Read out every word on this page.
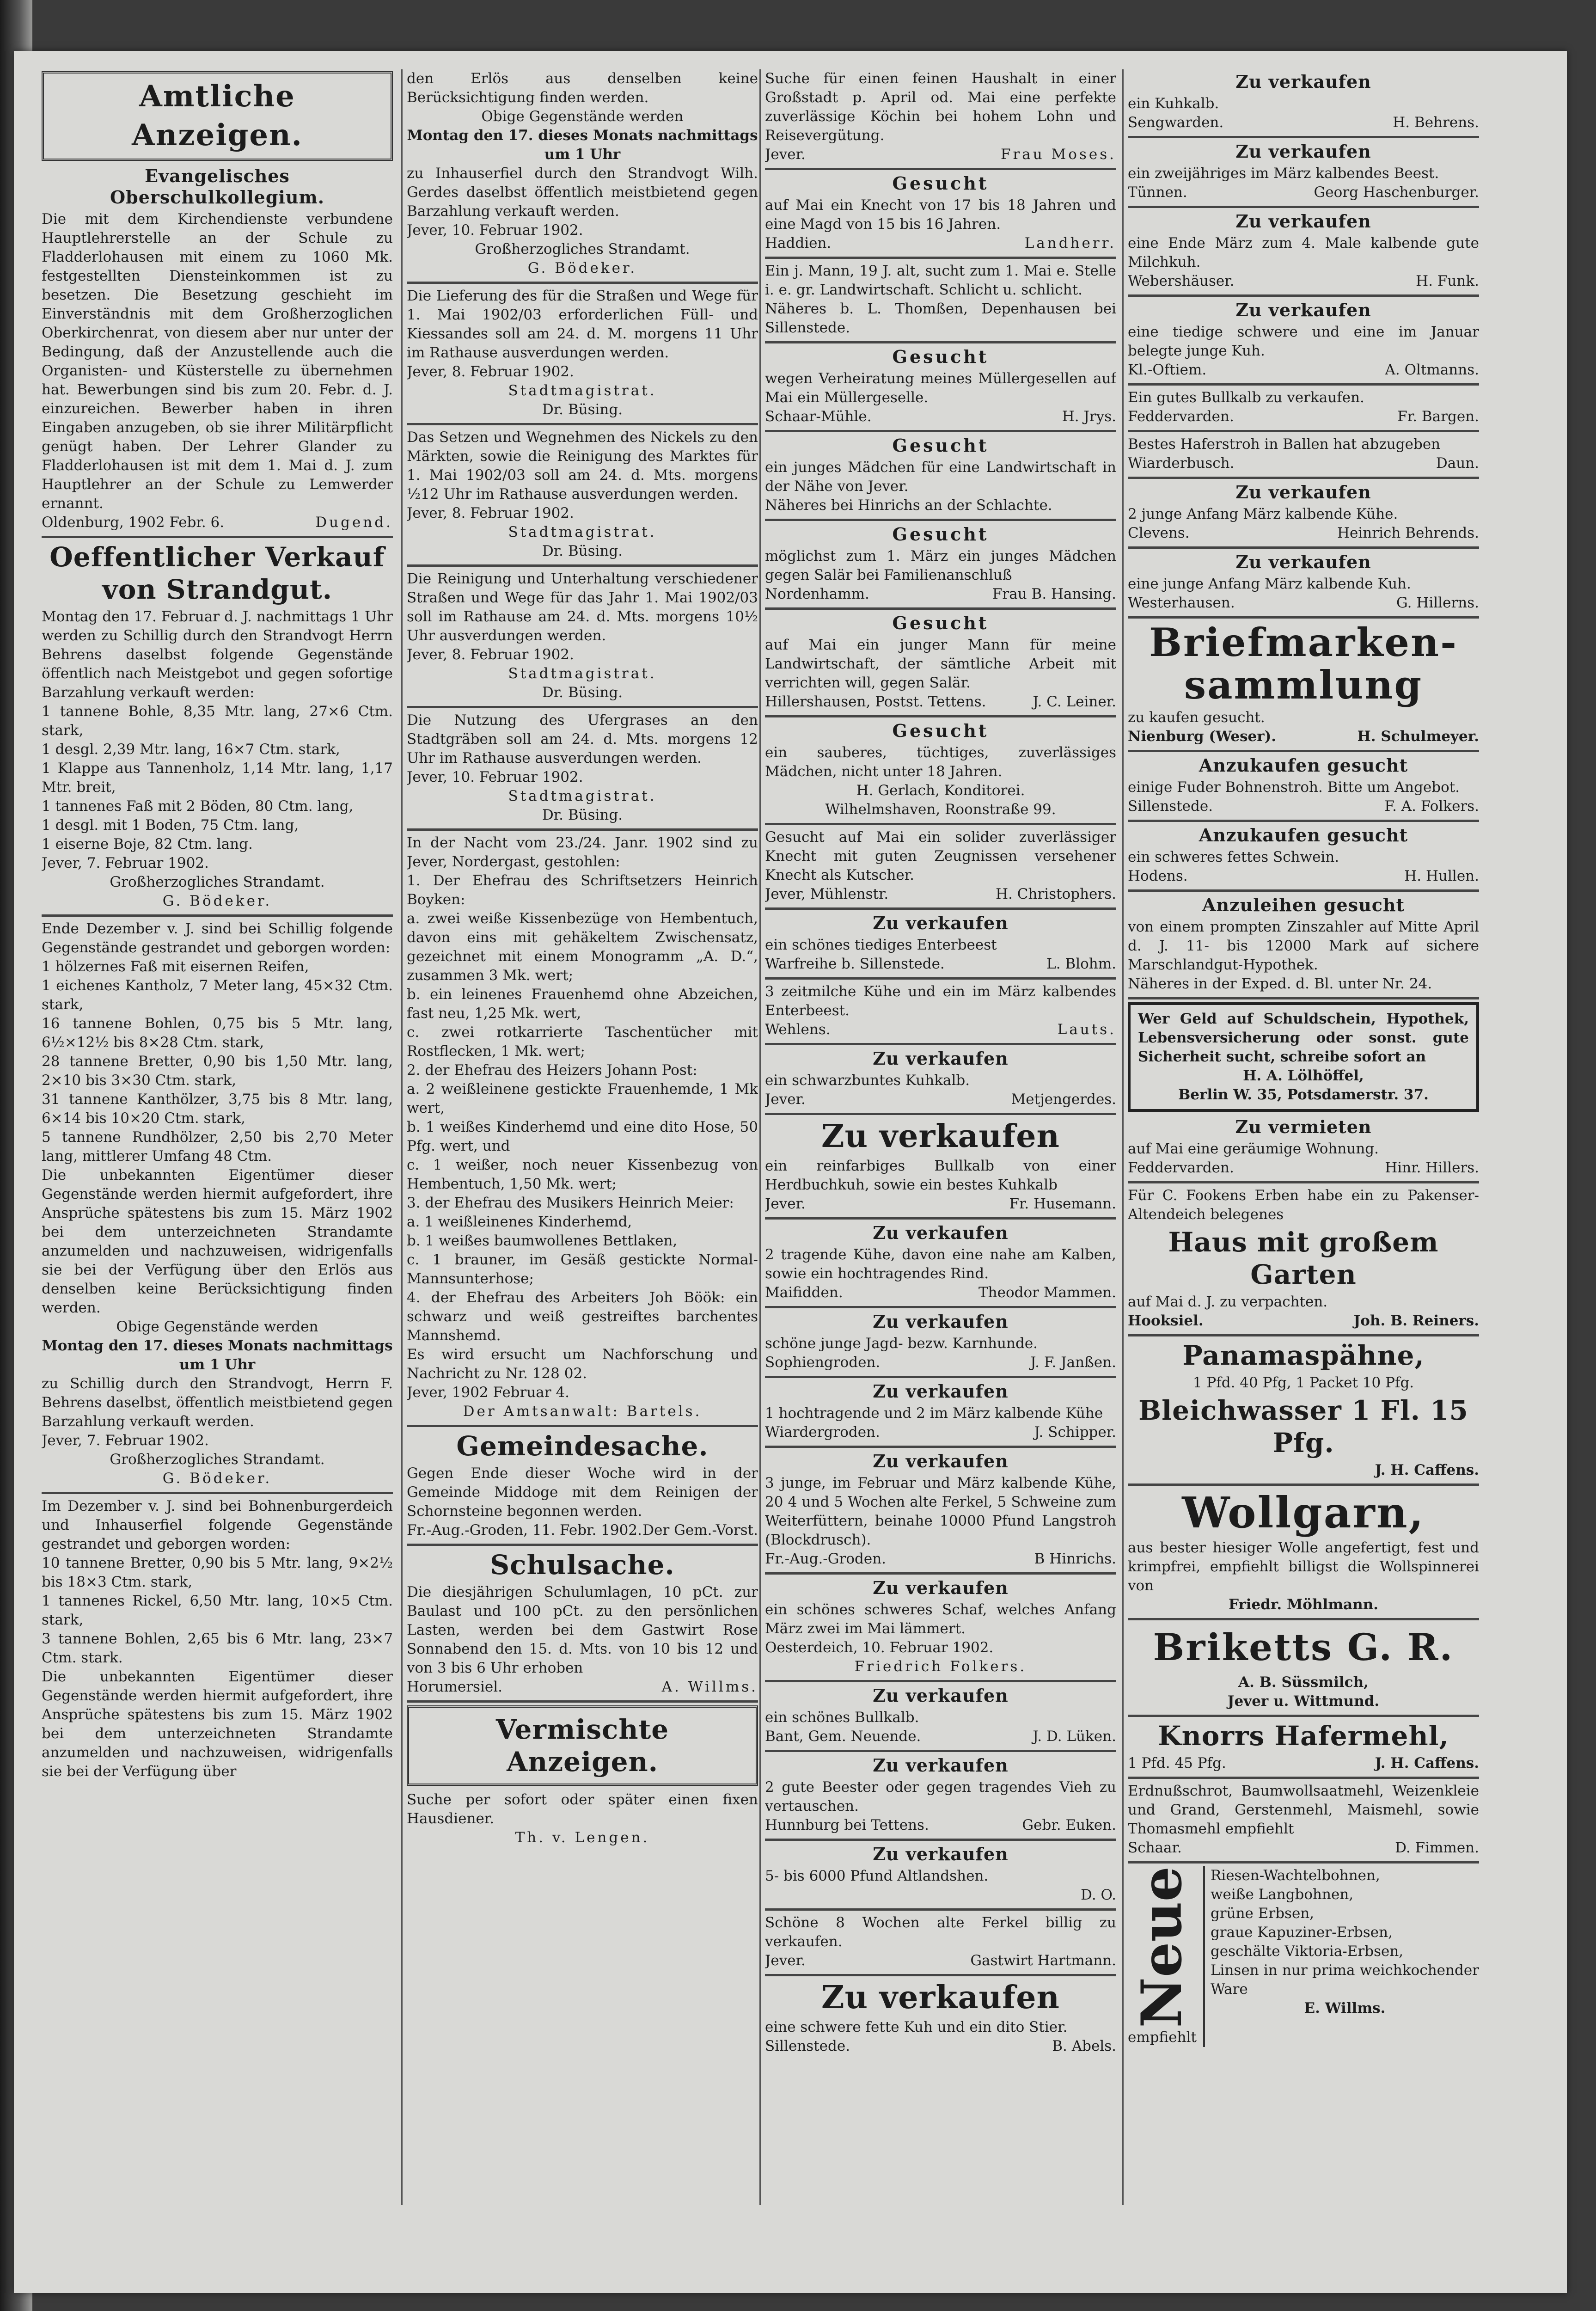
Amtliche Anzeigen.
Evangelisches Oberschulkollegium.
Die mit dem Kirchendienste verbundene Hauptlehrerstelle an der Schule zu Fladderlohausen mit einem zu 1060 Mk. festgestellten Diensteinkommen ist zu besetzen. Die Besetzung geschieht im Einverständnis mit dem Großherzoglichen Oberkirchenrat, von diesem aber nur unter der Bedingung, daß der Anzustellende auch die Organisten- und Küsterstelle zu übernehmen hat. Bewerbungen sind bis zum 20. Febr. d. J. einzureichen. Bewerber haben in ihren Eingaben anzugeben, ob sie ihrer Militärpflicht genügt haben. Der Lehrer Glander zu Fladderlohausen ist mit dem 1. Mai d. J. zum Hauptlehrer an der Schule zu Lemwerder ernannt.
Oldenburg, 1902 Febr. 6.	Dugend.
Oeffentlicher Verkauf von Strandgut.
Montag den 17. Februar d. J. nachmittags 1 Uhr werden zu Schillig durch den Strandvogt Herrn Behrens daselbst folgende Gegenstände öffentlich nach Meistgebot und gegen sofortige Barzahlung verkauft werden:
1 tannene Bohle, 8,35 Mtr. lang, 27×6 Ctm. stark,
1 desgl. 2,39 Mtr. lang, 16×7 Ctm. stark,
1 Klappe aus Tannenholz, 1,14 Mtr. lang, 1,17 Mtr. breit,
1 tannenes Faß mit 2 Böden, 80 Ctm. lang,
1 desgl. mit 1 Boden, 75 Ctm. lang,
1 eiserne Boje, 82 Ctm. lang.
Jever, 7. Februar 1902.
Großherzogliches Strandamt.
G. Bödeker.
Ende Dezember v. J. sind bei Schillig folgende Gegenstände gestrandet und geborgen worden:
1 hölzernes Faß mit eisernen Reifen,
1 eichenes Kantholz, 7 Meter lang, 45×32 Ctm. stark,
16 tannene Bohlen, 0,75 bis 5 Mtr. lang, 6½×12½ bis 8×28 Ctm. stark,
28 tannene Bretter, 0,90 bis 1,50 Mtr. lang, 2×10 bis 3×30 Ctm. stark,
31 tannene Kanthölzer, 3,75 bis 8 Mtr. lang, 6×14 bis 10×20 Ctm. stark,
5 tannene Rundhölzer, 2,50 bis 2,70 Meter lang, mittlerer Umfang 48 Ctm.
Die unbekannten Eigentümer dieser Gegenstände werden hiermit aufgefordert, ihre Ansprüche spätestens bis zum 15. März 1902 bei dem unterzeichneten Strandamte anzumelden und nachzuweisen, widrigenfalls sie bei der Verfügung über den Erlös aus denselben keine Berücksichtigung finden werden.
Obige Gegenstände werden
Montag den 17. dieses Monats nachmittags um 1 Uhr
zu Schillig durch den Strandvogt, Herrn F. Behrens daselbst, öffentlich meistbietend gegen Barzahlung verkauft werden.
Jever, 7. Februar 1902.
Großherzogliches Strandamt.
G. Bödeker.
Im Dezember v. J. sind bei Bohnenburgerdeich und Inhauserfiel folgende Gegenstände gestrandet und geborgen worden:
10 tannene Bretter, 0,90 bis 5 Mtr. lang, 9×2½ bis 18×3 Ctm. stark,
1 tannenes Rickel, 6,50 Mtr. lang, 10×5 Ctm. stark,
3 tannene Bohlen, 2,65 bis 6 Mtr. lang, 23×7 Ctm. stark.
Die unbekannten Eigentümer dieser Gegenstände werden hiermit aufgefordert, ihre Ansprüche spätestens bis zum 15. März 1902 bei dem unterzeichneten Strandamte anzumelden und nachzuweisen, widrigenfalls sie bei der Verfügung über
den Erlös aus denselben keine Berücksichtigung finden werden.
Obige Gegenstände werden
Montag den 17. dieses Monats nachmittags um 1 Uhr
zu Inhauserfiel durch den Strandvogt Wilh. Gerdes daselbst öffentlich meistbietend gegen Barzahlung verkauft werden.
Jever, 10. Februar 1902.
Großherzogliches Strandamt.
G. Bödeker.
Die Lieferung des für die Straßen und Wege für 1. Mai 1902/03 erforderlichen Füll- und Kiessandes soll am 24. d. M. morgens 11 Uhr im Rathause ausverdungen werden.
Jever, 8. Februar 1902.
Stadtmagistrat.
Dr. Büsing.
Das Setzen und Wegnehmen des Nickels zu den Märkten, sowie die Reinigung des Marktes für 1. Mai 1902/03 soll am 24. d. Mts. morgens ½12 Uhr im Rathause ausverdungen werden.
Jever, 8. Februar 1902.
Stadtmagistrat.
Dr. Büsing.
Die Reinigung und Unterhaltung verschiedener Straßen und Wege für das Jahr 1. Mai 1902/03 soll im Rathause am 24. d. Mts. morgens 10½ Uhr ausverdungen werden.
Jever, 8. Februar 1902.
Stadtmagistrat.
Dr. Büsing.
Die Nutzung des Ufergrases an den Stadtgräben soll am 24. d. Mts. morgens 12 Uhr im Rathause ausverdungen werden.
Jever, 10. Februar 1902.
Stadtmagistrat.
Dr. Büsing.
In der Nacht vom 23./24. Janr. 1902 sind zu Jever, Nordergast, gestohlen:
1. Der Ehefrau des Schriftsetzers Heinrich Boyken:
a. zwei weiße Kissenbezüge von Hembentuch, davon eins mit gehäkeltem Zwischensatz, gezeichnet mit einem Monogramm „A. D.“, zusammen 3 Mk. wert;
b. ein leinenes Frauenhemd ohne Abzeichen, fast neu, 1,25 Mk. wert,
c. zwei rotkarrierte Taschentücher mit Rostflecken, 1 Mk. wert;
2. der Ehefrau des Heizers Johann Post:
a. 2 weißleinene gestickte Frauenhemde, 1 Mk wert,
b. 1 weißes Kinderhemd und eine dito Hose, 50 Pfg. wert, und
c. 1 weißer, noch neuer Kissenbezug von Hembentuch, 1,50 Mk. wert;
3. der Ehefrau des Musikers Heinrich Meier:
a. 1 weißleinenes Kinderhemd,
b. 1 weißes baumwollenes Bettlaken,
c. 1 brauner, im Gesäß gestickte Normal-Mannsunterhose;
4. der Ehefrau des Arbeiters Joh Böök: ein schwarz und weiß gestreiftes barchentes Mannshemd.
Es wird ersucht um Nachforschung und Nachricht zu Nr. 128 02.
Jever, 1902 Februar 4.
Der Amtsanwalt: Bartels.
Gemeindesache.
Gegen Ende dieser Woche wird in der Gemeinde Middoge mit dem Reinigen der Schornsteine begonnen werden.
Fr.-Aug.-Groden, 11. Febr. 1902. Der Gem.-Vorst.
Schulsache.
Die diesjährigen Schulumlagen, 10 pCt. zur Baulast und 100 pCt. zu den persönlichen Lasten, werden bei dem Gastwirt Rose Sonnabend den 15. d. Mts. von 10 bis 12 und von 3 bis 6 Uhr erhoben
Horumersiel.	A. Willms.
Vermischte Anzeigen.
Suche per sofort oder später einen fixen Hausdiener.
Th. v. Lengen.
Suche für einen feinen Haushalt in einer Großstadt p. April od. Mai eine perfekte zuverlässige Köchin bei hohem Lohn und Reisevergütung.
Jever.	Frau Moses.
Gesucht
auf Mai ein Knecht von 17 bis 18 Jahren und eine Magd von 15 bis 16 Jahren.
Haddien.	Landherr.
Ein j. Mann, 19 J. alt, sucht zum 1. Mai e. Stelle i. e. gr. Landwirtschaft. Schlicht u. schlicht.
Näheres b. L. Thomßen, Depenhausen bei Sillenstede.
Gesucht
wegen Verheiratung meines Müllergesellen auf Mai ein Müllergeselle.
Schaar-Mühle.	H. Jrys.
Gesucht
ein junges Mädchen für eine Landwirtschaft in der Nähe von Jever.
Näheres bei Hinrichs an der Schlachte.
Gesucht
möglichst zum 1. März ein junges Mädchen gegen Salär bei Familienanschluß
Nordenhamm.	Frau B. Hansing.
Gesucht
auf Mai ein junger Mann für meine Landwirtschaft, der sämtliche Arbeit mit verrichten will, gegen Salär.
Hillershausen, Postst. Tettens.	J. C. Leiner.
Gesucht
ein sauberes, tüchtiges, zuverlässiges Mädchen, nicht unter 18 Jahren.
H. Gerlach, Konditorei.
Wilhelmshaven, Roonstraße 99.
Gesucht auf Mai ein solider zuverlässiger Knecht mit guten Zeugnissen versehener Knecht als Kutscher.
Jever, Mühlenstr.	H. Christophers.
Zu verkaufen
ein schönes tiediges Enterbeest
Warfreihe b. Sillenstede.	L. Blohm.
3 zeitmilche Kühe und ein im März kalbendes Enterbeest.
Wehlens.	Lauts.
Zu verkaufen
ein schwarzbuntes Kuhkalb.
Jever.	Metjengerdes.
Zu verkaufen
ein reinfarbiges Bullkalb von einer Herdbuchkuh, sowie ein bestes Kuhkalb
Jever.	Fr. Husemann.
Zu verkaufen
2 tragende Kühe, davon eine nahe am Kalben, sowie ein hochtragendes Rind.
Maifidden.	Theodor Mammen.
Zu verkaufen
schöne junge Jagd- bezw. Karnhunde.
Sophiengroden.	J. F. Janßen.
Zu verkaufen
1 hochtragende und 2 im März kalbende Kühe
Wiardergroden.	J. Schipper.
Zu verkaufen
3 junge, im Februar und März kalbende Kühe, 20 4 und 5 Wochen alte Ferkel, 5 Schweine zum Weiterfüttern, beinahe 10000 Pfund Langstroh (Blockdrusch).
Fr.-Aug.-Groden.	B Hinrichs.
Zu verkaufen
ein schönes schweres Schaf, welches Anfang März zwei im Mai lämmert.
Oesterdeich, 10. Februar 1902.
Friedrich Folkers.
Zu verkaufen
ein schönes Bullkalb.
Bant, Gem. Neuende.	J. D. Lüken.
Zu verkaufen
2 gute Beester oder gegen tragendes Vieh zu vertauschen.
Hunnburg bei Tettens.	Gebr. Euken.
Zu verkaufen
5- bis 6000 Pfund Altlandshen.
D. O.
Schöne 8 Wochen alte Ferkel billig zu verkaufen.
Jever.	Gastwirt Hartmann.
Zu verkaufen
eine schwere fette Kuh und ein dito Stier.
Sillenstede.	B. Abels.
Zu verkaufen
ein Kuhkalb.
Sengwarden.	H. Behrens.
Zu verkaufen
ein zweijähriges im März kalbendes Beest.
Tünnen.	Georg Haschenburger.
Zu verkaufen
eine Ende März zum 4. Male kalbende gute Milchkuh.
Webershäuser.	H. Funk.
Zu verkaufen
eine tiedige schwere und eine im Januar belegte junge Kuh.
Kl.-Oftiem.	A. Oltmanns.
Ein gutes Bullkalb zu verkaufen.
Feddervarden.	Fr. Bargen.
Bestes Haferstroh in Ballen hat abzugeben
Wiarderbusch.	Daun.
Zu verkaufen
2 junge Anfang März kalbende Kühe.
Clevens.	Heinrich Behrends.
Zu verkaufen
eine junge Anfang März kalbende Kuh.
Westerhausen.	G. Hillerns.
Briefmarken- sammlung
zu kaufen gesucht.
Nienburg (Weser).	H. Schulmeyer.
Anzukaufen gesucht
einige Fuder Bohnenstroh. Bitte um Angebot.
Sillenstede.	F. A. Folkers.
Anzukaufen gesucht
ein schweres fettes Schwein.
Hodens.	H. Hullen.
Anzuleihen gesucht
von einem prompten Zinszahler auf Mitte April d. J. 11- bis 12000 Mark auf sichere Marschlandgut-Hypothek.
Näheres in der Exped. d. Bl. unter Nr. 24.
Wer Geld auf Schuldschein, Hypothek, Lebensversicherung oder sonst. gute Sicherheit sucht, schreibe sofort an
H. A. Lölhöffel,
Berlin W. 35, Potsdamerstr. 37.
Zu vermieten
auf Mai eine geräumige Wohnung.
Feddervarden.	Hinr. Hillers.
Für C. Fookens Erben habe ein zu Pakenser-Altendeich belegenes
Haus mit großem Garten
auf Mai d. J. zu verpachten.
Hooksiel.	Joh. B. Reiners.
Panamaspähne,
1 Pfd. 40 Pfg, 1 Packet 10 Pfg.
Bleichwasser 1 Fl. 15 Pfg.
J. H. Caffens.
Wollgarn,
aus bester hiesiger Wolle angefertigt, fest und krimpfrei, empfiehlt billigst die Wollspinnerei von
Friedr. Möhlmann.
Briketts G. R.
A. B. Süssmilch,
Jever u. Wittmund.
Knorrs Hafermehl,
1 Pfd. 45 Pfg.	J. H. Caffens.
Erdnußschrot, Baumwollsaatmehl, Weizenkleie und Grand, Gerstenmehl, Maismehl, sowie Thomasmehl empfiehlt
Schaar.	D. Fimmen.
Neue
empfiehlt
Riesen-Wachtelbohnen,
weiße Langbohnen,
grüne Erbsen,
graue Kapuziner-Erbsen,
geschälte Viktoria-Erbsen,
Linsen in nur prima weichkochender Ware
E. Willms.
